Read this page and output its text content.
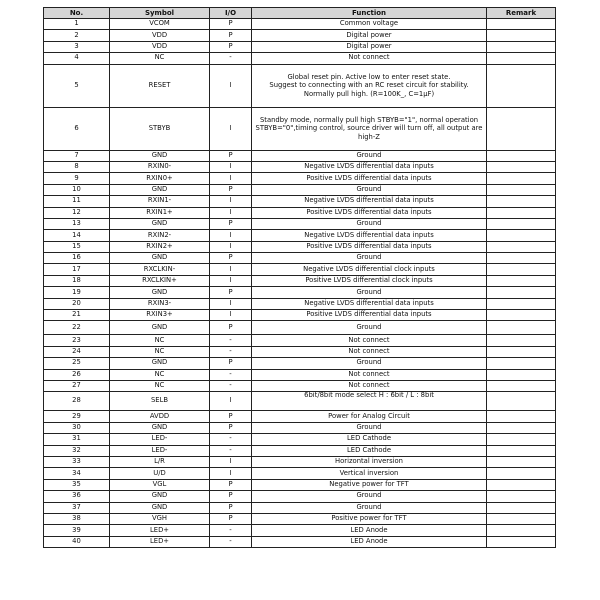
No.	Symbol	I/O	Function	Remark
1	VCOM	P	Common voltage	
2	VDD	P	Digital power	
3	VDD	P	Digital power	
4	NC	-	Not connect	
5	RESET	I	Global reset pin. Active low to enter reset state.
Suggest to connecting with an RC reset circuit for stability.
Normally pull high. (R=100K_, C=1μF)	
6	STBYB	I	Standby mode, normally pull high STBYB="1", normal operation STBYB="0",timing control, source driver will turn off, all output are
high-Z	
7	GND	P	Ground	
8	RXIN0-	I	Negative LVDS differential data inputs	
9	RXIN0+	I	Positive LVDS differential data inputs	
10	GND	P	Ground	
11	RXIN1-	I	Negative LVDS differential data inputs	
12	RXIN1+	I	Positive LVDS differential data inputs	
13	GND	P	Ground	
14	RXIN2-	I	Negative LVDS differential data inputs	
15	RXIN2+	I	Positive LVDS differential data inputs	
16	GND	P	Ground	
17	RXCLKIN-	I	Negative LVDS differential clock inputs	
18	RXCLKIN+	I	Positive LVDS differential clock inputs	
19	GND	P	Ground	
20	RXIN3-	I	Negative LVDS differential data inputs	
21	RXIN3+	I	Positive LVDS differential data inputs	
22	GND	P	Ground	
23	NC	-	Not connect	
24	NC	-	Not connect	
25	GND	P	Ground	
26	NC	-	Not connect	
27	NC	-	Not connect	
28	SELB	I	6bit/8bit mode select H : 6bit / L : 8bit	
29	AVDD	P	Power for Analog Circuit	
30	GND	P	Ground	
31	LED-	-	LED Cathode	
32	LED-	-	LED Cathode	
33	L/R	I	Horizontal inversion	
34	U/D	I	Vertical inversion	
35	VGL	P	Negative power for TFT	
36	GND	P	Ground	
37	GND	P	Ground	
38	VGH	P	Positive power for TFT	
39	LED+	-	LED Anode	
40	LED+	-	LED Anode	
